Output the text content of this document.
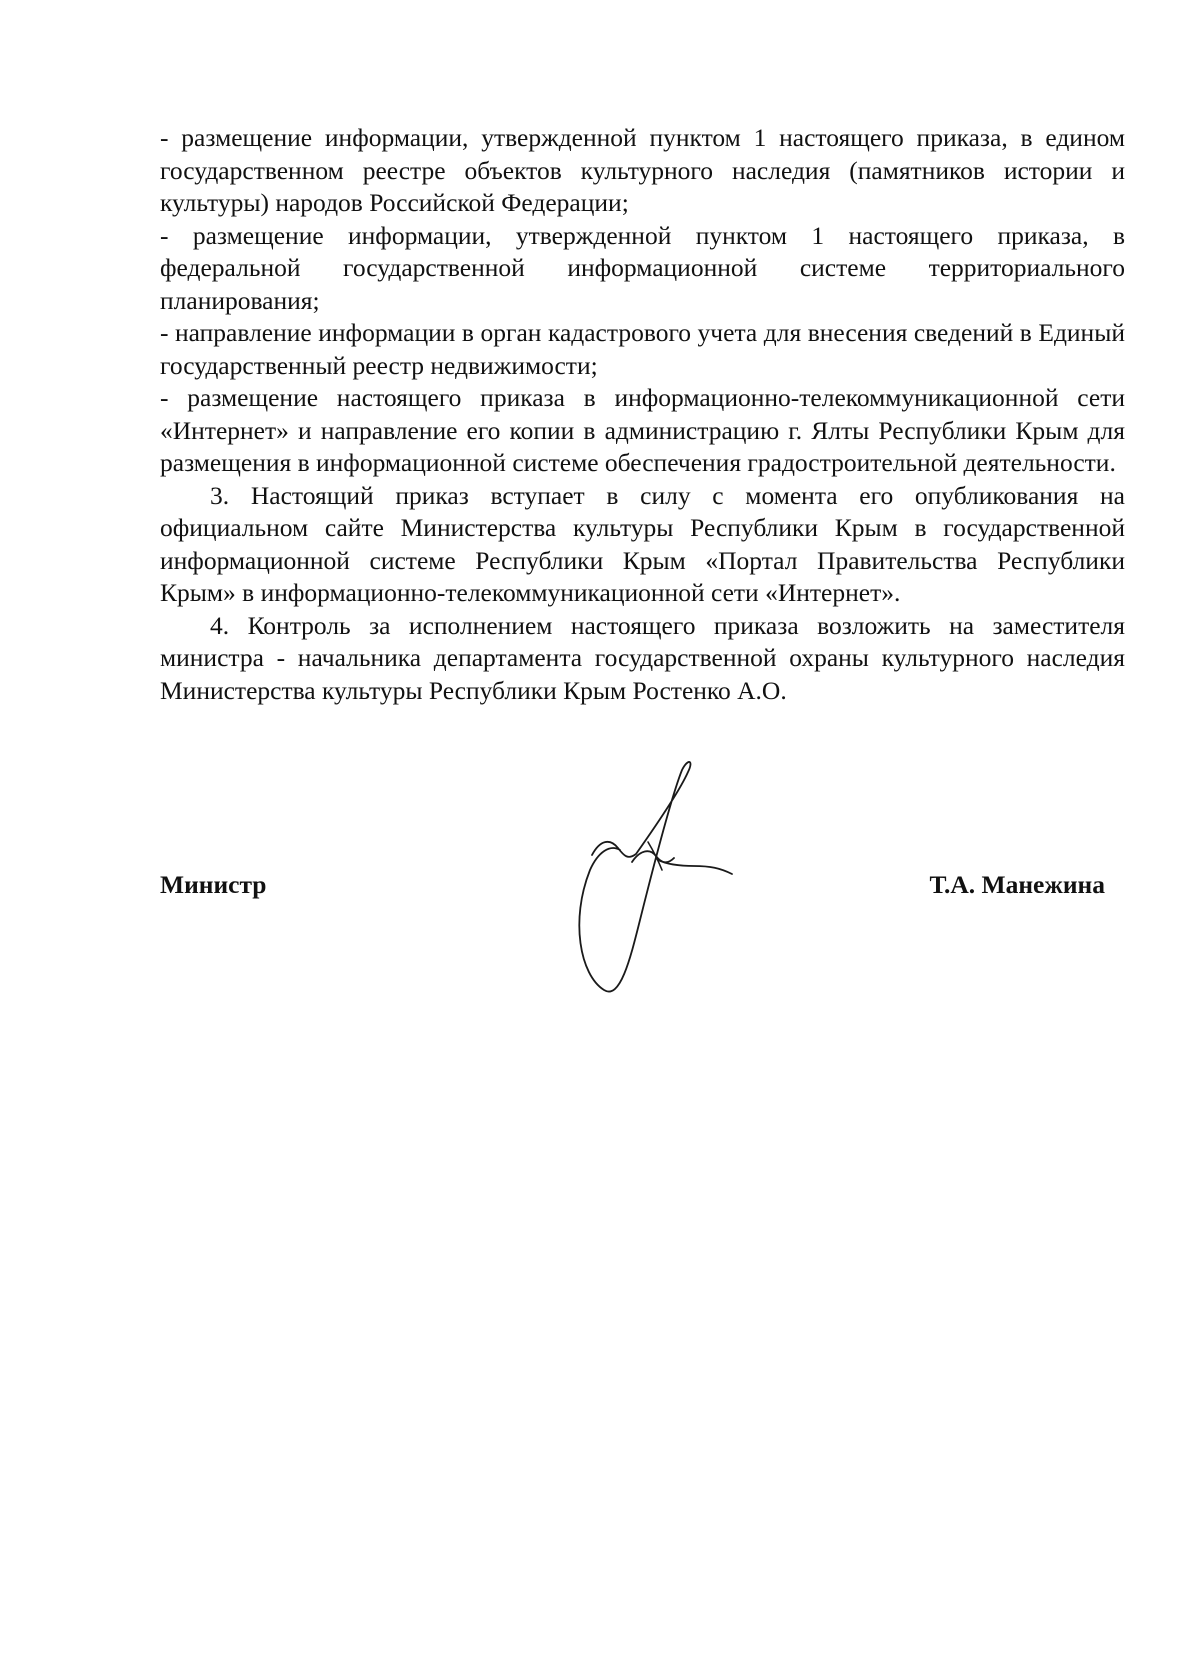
- размещение информации, утвержденной пунктом 1 настоящего приказа, в едином государственном реестре объектов культурного наследия (памятников истории и культуры) народов Российской Федерации;

- размещение информации, утвержденной пунктом 1 настоящего приказа, в федеральной государственной информационной системе территориального планирования;

- направление информации в орган кадастрового учета для внесения сведений в Единый государственный реестр недвижимости;

- размещение настоящего приказа в информационно-телекоммуникационной сети «Интернет» и направление его копии в администрацию г. Ялты Республики Крым для размещения в информационной системе обеспечения градостроительной деятельности.

3. Настоящий приказ вступает в силу с момента его опубликования на официальном сайте Министерства культуры Республики Крым в государственной информационной системе Республики Крым «Портал Правительства Республики Крым» в информационно-телекоммуникационной сети «Интернет».

4. Контроль за исполнением настоящего приказа возложить на заместителя министра - начальника департамента государственной охраны культурного наследия Министерства культуры Республики Крым Ростенко А.О.

Министр	Т.А. Манежина
